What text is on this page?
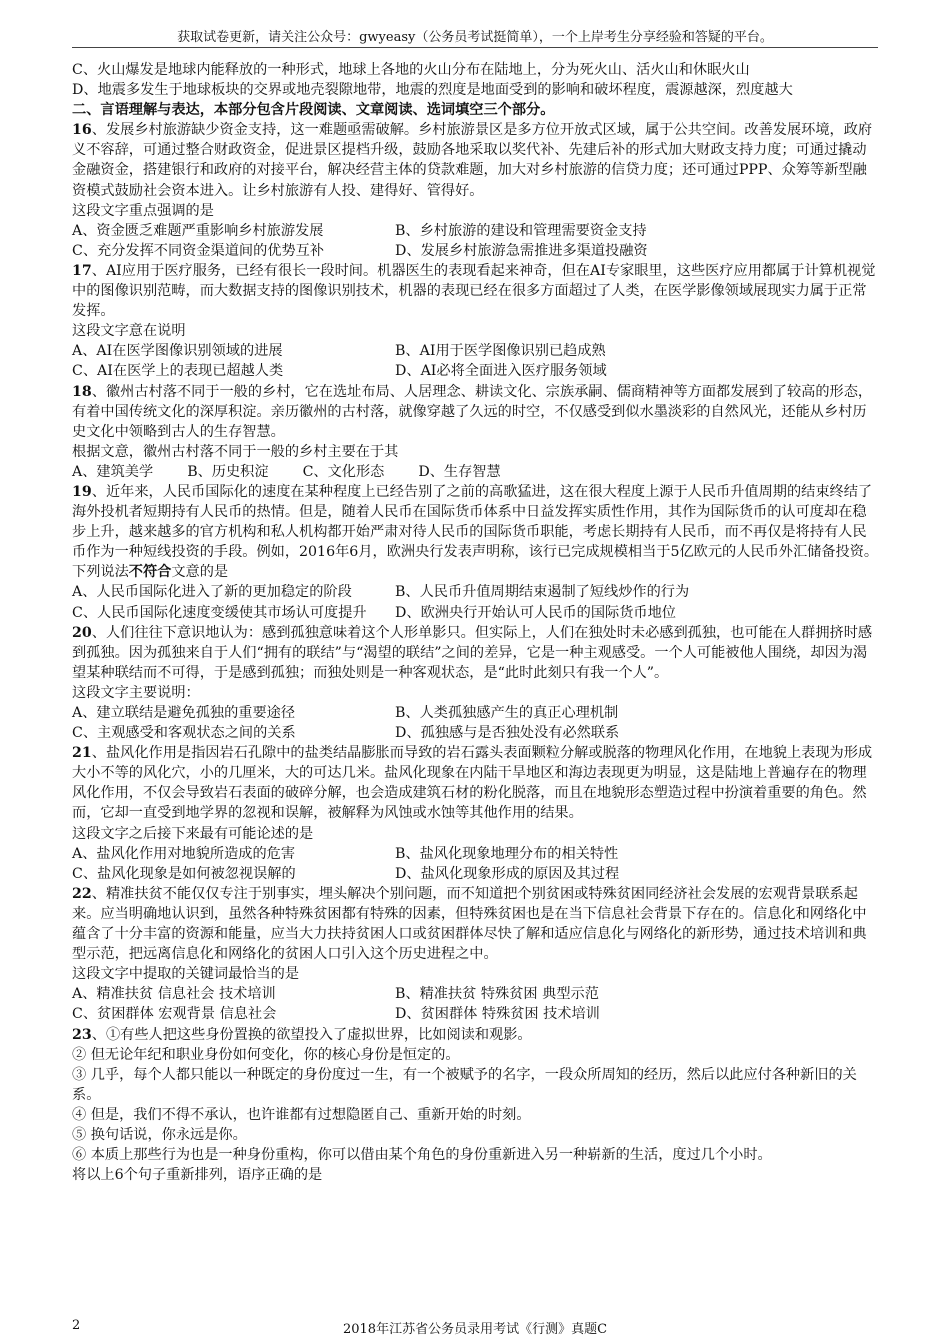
获取试卷更新，请关注公众号：gwyeasy（公务员考试挺简单），一个上岸考生分享经验和答疑的平台。

C、火山爆发是地球内能释放的一种形式，地球上各地的火山分布在陆地上，分为死火山、活火山和休眠火山

D、地震多发生于地球板块的交界或地壳裂隙地带，地震的烈度是地面受到的影响和破坏程度，震源越深，烈度越大

二、言语理解与表达，本部分包含片段阅读、文章阅读、选词填空三个部分。

16、发展乡村旅游缺少资金支持，这一难题亟需破解。乡村旅游景区是多方位开放式区域，属于公共空间。改善发展环境，政府义不容辞，可通过整合财政资金，促进景区提档升级，鼓励各地采取以奖代补、先建后补的形式加大财政支持力度；可通过撬动金融资金，搭建银行和政府的对接平台，解决经营主体的贷款难题，加大对乡村旅游的信贷力度；还可通过PPP、众筹等新型融资模式鼓励社会资本进入。让乡村旅游有人投、建得好、管得好。

这段文字重点强调的是

A、资金匮乏难题严重影响乡村旅游发展	B、乡村旅游的建设和管理需要资金支持

C、充分发挥不同资金渠道间的优势互补	D、发展乡村旅游急需推进多渠道投融资

17、AI应用于医疗服务，已经有很长一段时间。机器医生的表现看起来神奇，但在AI专家眼里，这些医疗应用都属于计算机视觉中的图像识别范畴，而大数据支持的图像识别技术，机器的表现已经在很多方面超过了人类，在医学影像领域展现实力属于正常发挥。

这段文字意在说明

A、AI在医学图像识别领域的进展	B、AI用于医学图像识别已趋成熟

C、AI在医学上的表现已超越人类	D、AI必将全面进入医疗服务领域

18、徽州古村落不同于一般的乡村，它在选址布局、人居理念、耕读文化、宗族承嗣、儒商精神等方面都发展到了较高的形态，有着中国传统文化的深厚积淀。亲历徽州的古村落，就像穿越了久远的时空，不仅感受到似水墨淡彩的自然风光，还能从乡村历史文化中领略到古人的生存智慧。

根据文意，徽州古村落不同于一般的乡村主要在于其

A、建筑美学 B、历史积淀 C、文化形态 D、生存智慧

19、近年来，人民币国际化的速度在某种程度上已经告别了之前的高歌猛进，这在很大程度上源于人民币升值周期的结束终结了海外投机者短期持有人民币的热情。但是，随着人民币在国际货币体系中日益发挥实质性作用，其作为国际货币的认可度却在稳步上升，越来越多的官方机构和私人机构都开始严肃对待人民币的国际货币职能，考虑长期持有人民币，而不再仅是将持有人民币作为一种短线投资的手段。例如，2016年6月，欧洲央行发表声明称，该行已完成规模相当于5亿欧元的人民币外汇储备投资。

下列说法不符合文意的是

A、人民币国际化进入了新的更加稳定的阶段	B、人民币升值周期结束遏制了短线炒作的行为

C、人民币国际化速度变缓使其市场认可度提升 D、欧洲央行开始认可人民币的国际货币地位

20、人们往往下意识地认为：感到孤独意味着这个人形单影只。但实际上，人们在独处时未必感到孤独，也可能在人群拥挤时感到孤独。因为孤独来自于人们“拥有的联结”与“渴望的联结”之间的差异，它是一种主观感受。一个人可能被他人围绕，却因为渴望某种联结而不可得，于是感到孤独；而独处则是一种客观状态，是“此时此刻只有我一个人”。

这段文字主要说明：

A、建立联结是避免孤独的重要途径	B、人类孤独感产生的真正心理机制

C、主观感受和客观状态之间的关系	D、孤独感与是否独处没有必然联系

21、盐风化作用是指因岩石孔隙中的盐类结晶膨胀而导致的岩石露头表面颗粒分解或脱落的物理风化作用，在地貌上表现为形成大小不等的风化穴，小的几厘米，大的可达几米。盐风化现象在内陆干旱地区和海边表现更为明显，这是陆地上普遍存在的物理风化作用，不仅会导致岩石表面的破碎分解，也会造成建筑石材的粉化脱落，而且在地貌形态塑造过程中扮演着重要的角色。然而，它却一直受到地学界的忽视和误解，被解释为风蚀或水蚀等其他作用的结果。

这段文字之后接下来最有可能论述的是

A、盐风化作用对地貌所造成的危害	B、盐风化现象地理分布的相关特性

C、盐风化现象是如何被忽视误解的	D、盐风化现象形成的原因及其过程

22、精准扶贫不能仅仅专注于别事实，埋头解决个别问题，而不知道把个别贫困或特殊贫困同经济社会发展的宏观背景联系起来。应当明确地认识到，虽然各种特殊贫困都有特殊的因素，但特殊贫困也是在当下信息社会背景下存在的。信息化和网络化中蕴含了十分丰富的资源和能量，应当大力扶持贫困人口或贫困群体尽快了解和适应信息化与网络化的新形势，通过技术培训和典型示范，把远离信息化和网络化的贫困人口引入这个历史进程之中。

这段文字中提取的关键词最恰当的是

A、精准扶贫 信息社会 技术培训	B、精准扶贫 特殊贫困 典型示范

C、贫困群体 宏观背景 信息社会	D、贫困群体 特殊贫困 技术培训

23、①有些人把这些身份置换的欲望投入了虚拟世界，比如阅读和观影。

② 但无论年纪和职业身份如何变化，你的核心身份是恒定的。

③ 几乎，每个人都只能以一种既定的身份度过一生，有一个被赋予的名字，一段众所周知的经历，然后以此应付各种新旧的关系。

④ 但是，我们不得不承认，也许谁都有过想隐匿自己、重新开始的时刻。

⑤ 换句话说，你永远是你。

⑥ 本质上那些行为也是一种身份重构，你可以借由某个角色的身份重新进入另一种崭新的生活，度过几个小时。

将以上6个句子重新排列，语序正确的是

2	2018年江苏省公务员录用考试《行测》真题C
